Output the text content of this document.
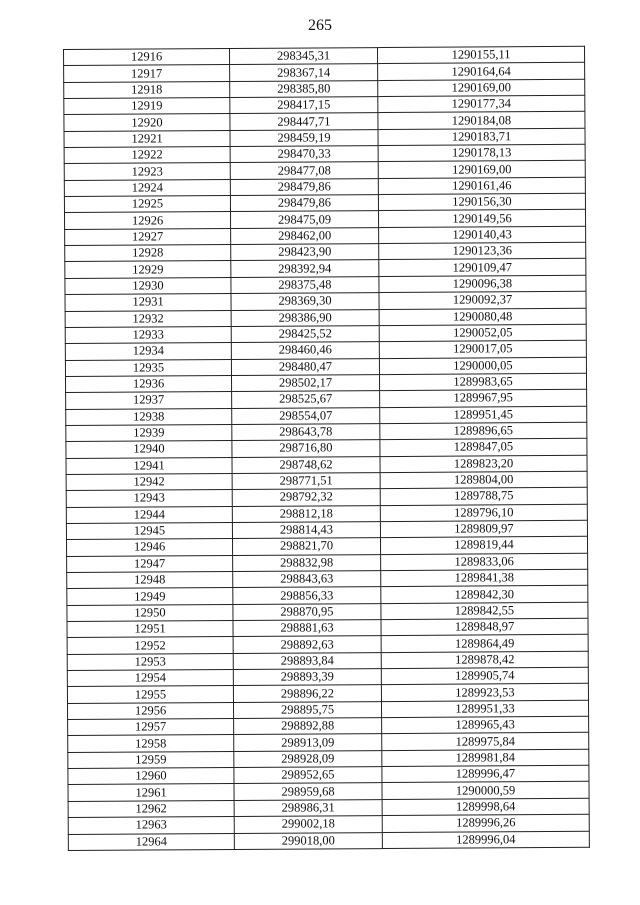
265
12916	298345,31	1290155,11
12917	298367,14	1290164,64
12918	298385,80	1290169,00
12919	298417,15	1290177,34
12920	298447,71	1290184,08
12921	298459,19	1290183,71
12922	298470,33	1290178,13
12923	298477,08	1290169,00
12924	298479,86	1290161,46
12925	298479,86	1290156,30
12926	298475,09	1290149,56
12927	298462,00	1290140,43
12928	298423,90	1290123,36
12929	298392,94	1290109,47
12930	298375,48	1290096,38
12931	298369,30	1290092,37
12932	298386,90	1290080,48
12933	298425,52	1290052,05
12934	298460,46	1290017,05
12935	298480,47	1290000,05
12936	298502,17	1289983,65
12937	298525,67	1289967,95
12938	298554,07	1289951,45
12939	298643,78	1289896,65
12940	298716,80	1289847,05
12941	298748,62	1289823,20
12942	298771,51	1289804,00
12943	298792,32	1289788,75
12944	298812,18	1289796,10
12945	298814,43	1289809,97
12946	298821,70	1289819,44
12947	298832,98	1289833,06
12948	298843,63	1289841,38
12949	298856,33	1289842,30
12950	298870,95	1289842,55
12951	298881,63	1289848,97
12952	298892,63	1289864,49
12953	298893,84	1289878,42
12954	298893,39	1289905,74
12955	298896,22	1289923,53
12956	298895,75	1289951,33
12957	298892,88	1289965,43
12958	298913,09	1289975,84
12959	298928,09	1289981,84
12960	298952,65	1289996,47
12961	298959,68	1290000,59
12962	298986,31	1289998,64
12963	299002,18	1289996,26
12964	299018,00	1289996,04
